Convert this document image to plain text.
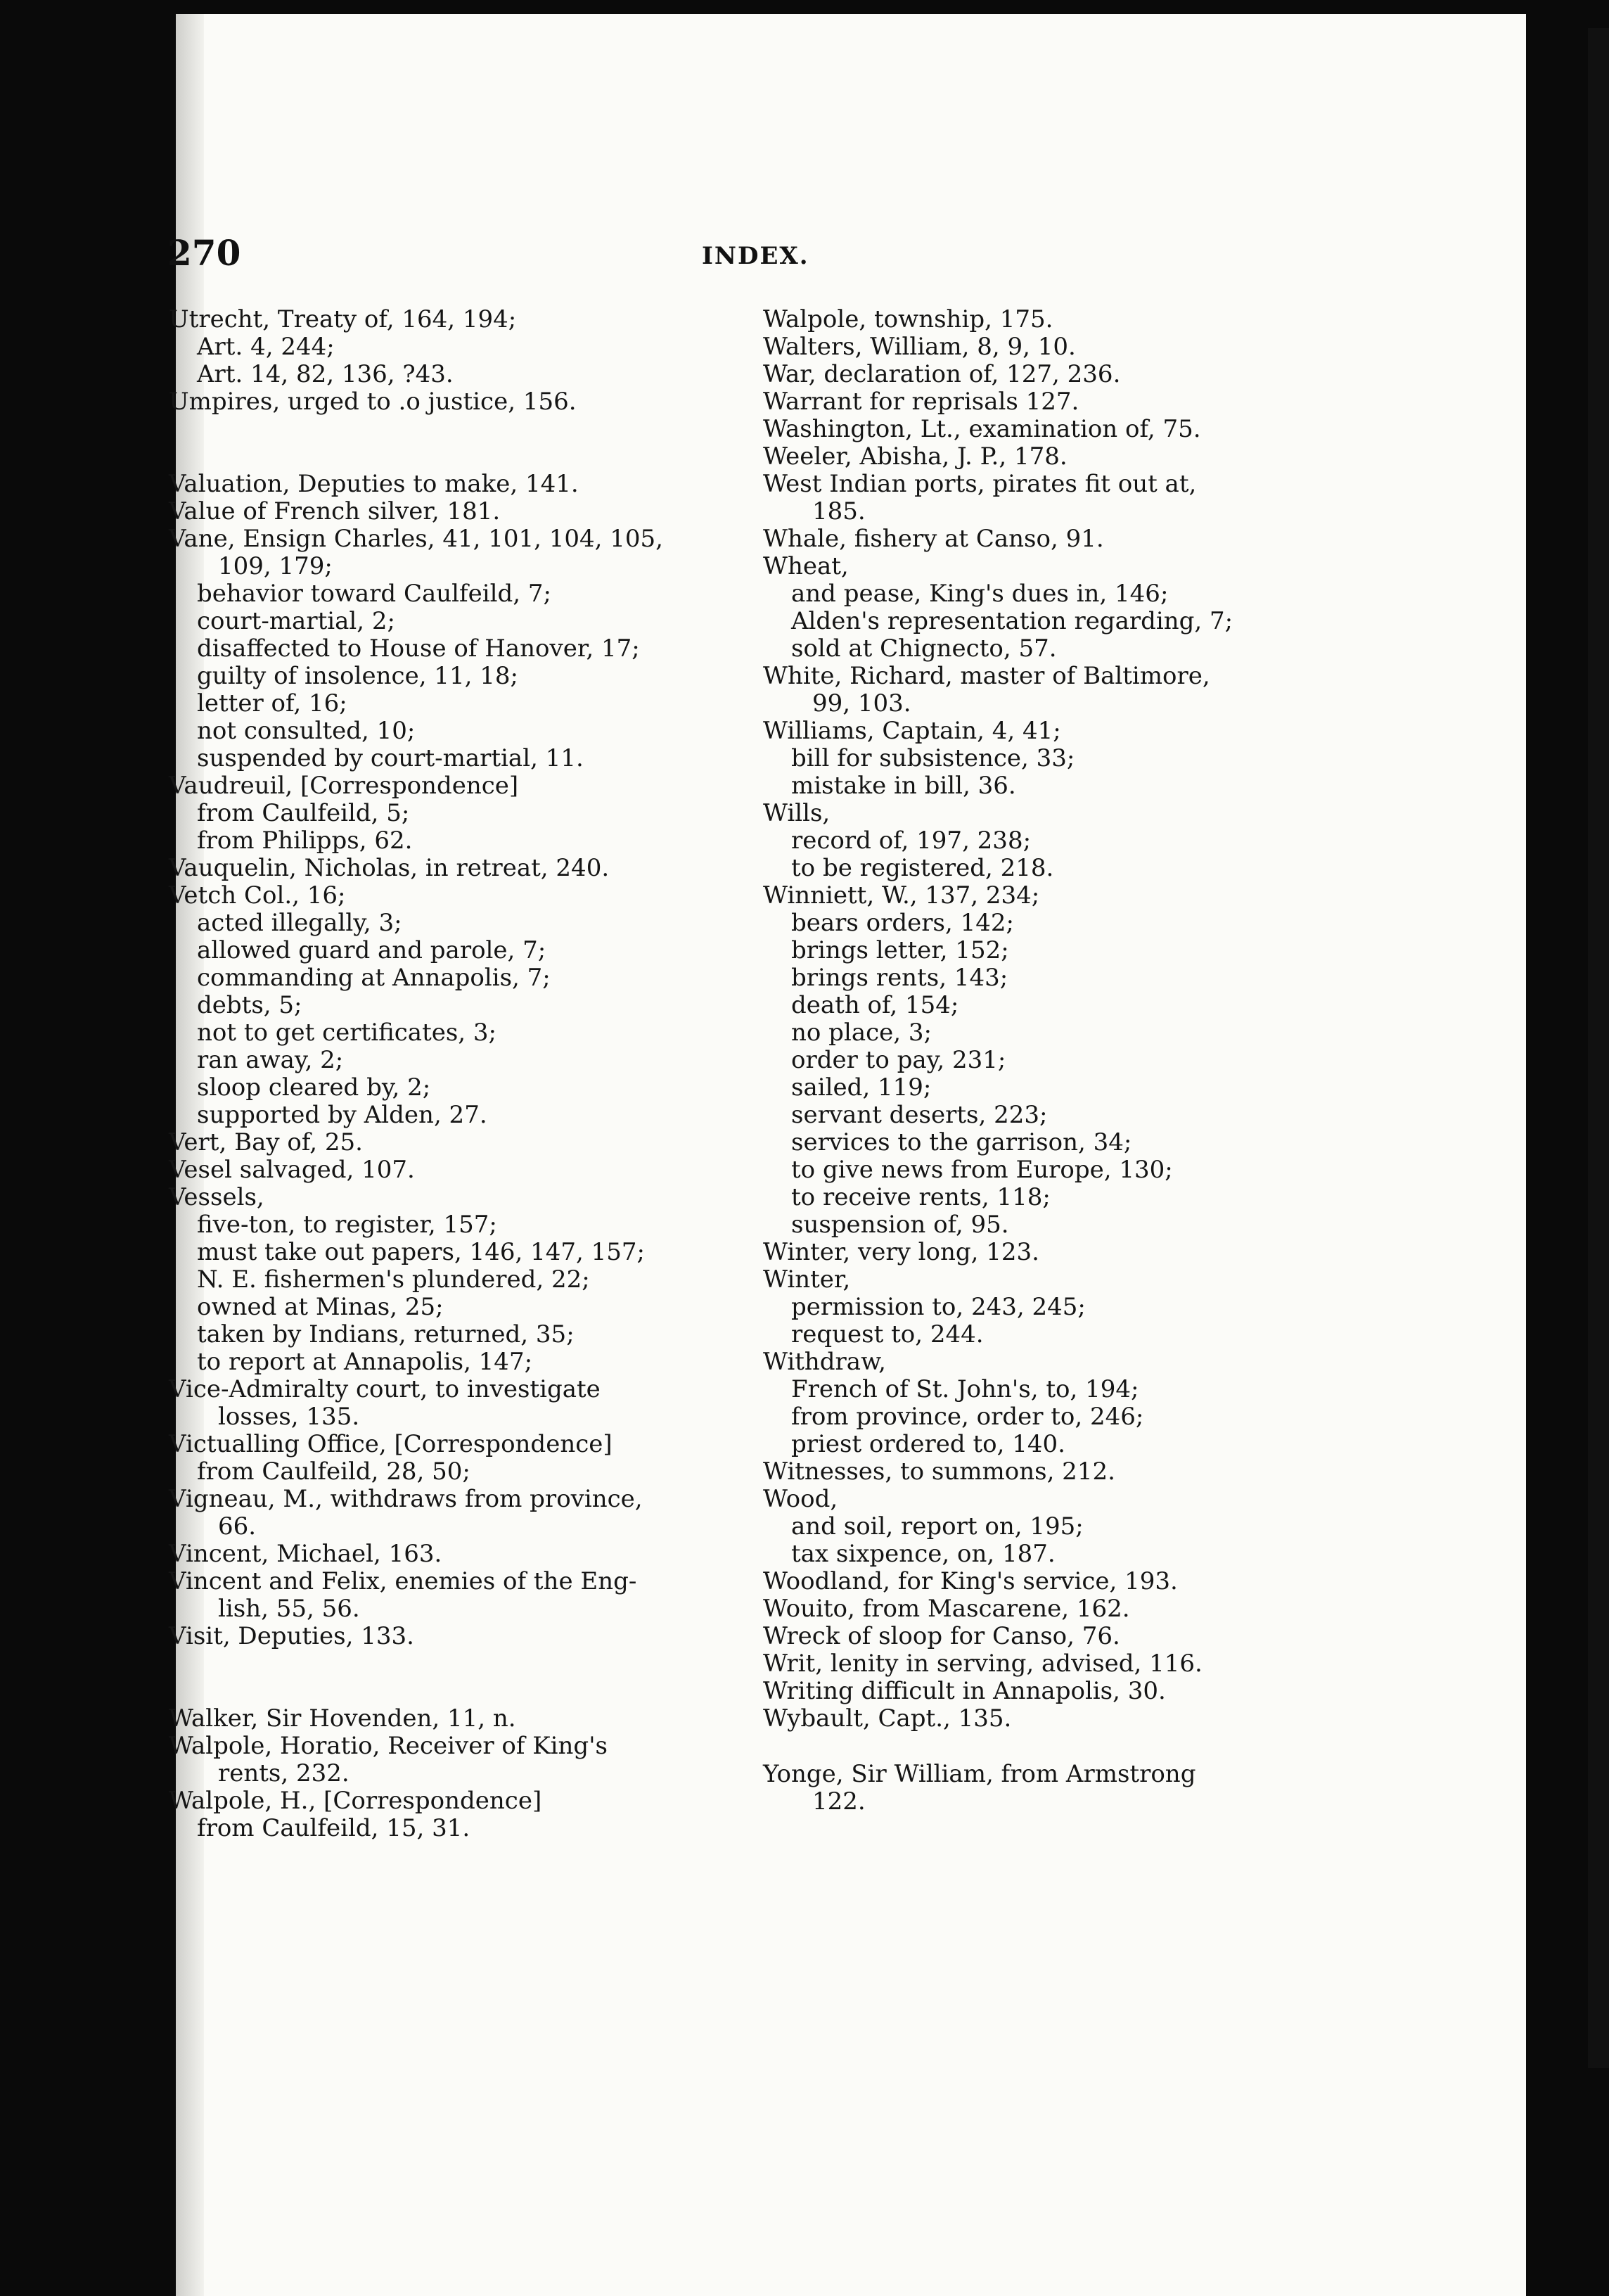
270	INDEX.
Utrecht, Treaty of, 164, 194;
Art. 4, 244;
Art. 14, 82, 136, ?43.
Umpires, urged to .o justice, 156.
Valuation, Deputies to make, 141.
Value of French silver, 181.
Vane, Ensign Charles, 41, 101, 104, 105,
109, 179;
behavior toward Caulfeild, 7;
court-martial, 2;
disaffected to House of Hanover, 17;
guilty of insolence, 11, 18;
letter of, 16;
not consulted, 10;
suspended by court-martial, 11.
Vaudreuil, [Correspondence]
from Caulfeild, 5;
from Philipps, 62.
Vauquelin, Nicholas, in retreat, 240.
Vetch Col., 16;
acted illegally, 3;
allowed guard and parole, 7;
commanding at Annapolis, 7;
debts, 5;
not to get certificates, 3;
ran away, 2;
sloop cleared by, 2;
supported by Alden, 27.
Vert, Bay of, 25.
Vesel salvaged, 107.
Vessels,
five-ton, to register, 157;
must take out papers, 146, 147, 157;
N. E. fishermen's plundered, 22;
owned at Minas, 25;
taken by Indians, returned, 35;
to report at Annapolis, 147;
Vice-Admiralty court, to investigate
losses, 135.
Victualling Office, [Correspondence]
from Caulfeild, 28, 50;
Vigneau, M., withdraws from province,
66.
Vincent, Michael, 163.
Vincent and Felix, enemies of the Eng-
lish, 55, 56.
Visit, Deputies, 133.
Walker, Sir Hovenden, 11, n.
Walpole, Horatio, Receiver of King's
rents, 232.
Walpole, H., [Correspondence]
from Caulfeild, 15, 31.
Walpole, township, 175.
Walters, William, 8, 9, 10.
War, declaration of, 127, 236.
Warrant for reprisals 127.
Washington, Lt., examination of, 75.
Weeler, Abisha, J. P., 178.
West Indian ports, pirates fit out at,
185.
Whale, fishery at Canso, 91.
Wheat,
and pease, King's dues in, 146;
Alden's representation regarding, 7;
sold at Chignecto, 57.
White, Richard, master of Baltimore,
99, 103.
Williams, Captain, 4, 41;
bill for subsistence, 33;
mistake in bill, 36.
Wills,
record of, 197, 238;
to be registered, 218.
Winniett, W., 137, 234;
bears orders, 142;
brings letter, 152;
brings rents, 143;
death of, 154;
no place, 3;
order to pay, 231;
sailed, 119;
servant deserts, 223;
services to the garrison, 34;
to give news from Europe, 130;
to receive rents, 118;
suspension of, 95.
Winter, very long, 123.
Winter,
permission to, 243, 245;
request to, 244.
Withdraw,
French of St. John's, to, 194;
from province, order to, 246;
priest ordered to, 140.
Witnesses, to summons, 212.
Wood,
and soil, report on, 195;
tax sixpence, on, 187.
Woodland, for King's service, 193.
Wouito, from Mascarene, 162.
Wreck of sloop for Canso, 76.
Writ, lenity in serving, advised, 116.
Writing difficult in Annapolis, 30.
Wybault, Capt., 135.
Yonge, Sir William, from Armstrong
122.
